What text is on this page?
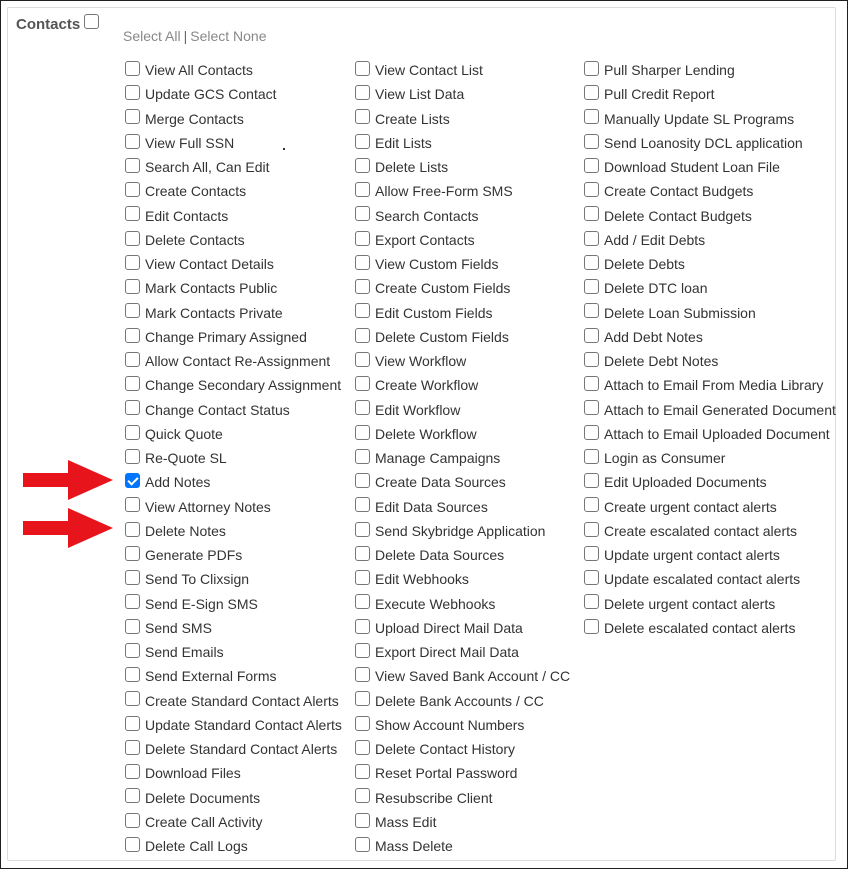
Contacts
Select All | Select None
View All Contacts
Update GCS Contact
Merge Contacts
View Full SSN
Search All, Can Edit
Create Contacts
Edit Contacts
Delete Contacts
View Contact Details
Mark Contacts Public
Mark Contacts Private
Change Primary Assigned
Allow Contact Re-Assignment
Change Secondary Assignment
Change Contact Status
Quick Quote
Re-Quote SL
Add Notes
View Attorney Notes
Delete Notes
Generate PDFs
Send To Clixsign
Send E-Sign SMS
Send SMS
Send Emails
Send External Forms
Create Standard Contact Alerts
Update Standard Contact Alerts
Delete Standard Contact Alerts
Download Files
Delete Documents
Create Call Activity
Delete Call Logs
View Contact List
View List Data
Create Lists
Edit Lists
Delete Lists
Allow Free-Form SMS
Search Contacts
Export Contacts
View Custom Fields
Create Custom Fields
Edit Custom Fields
Delete Custom Fields
View Workflow
Create Workflow
Edit Workflow
Delete Workflow
Manage Campaigns
Create Data Sources
Edit Data Sources
Send Skybridge Application
Delete Data Sources
Edit Webhooks
Execute Webhooks
Upload Direct Mail Data
Export Direct Mail Data
View Saved Bank Account / CC
Delete Bank Accounts / CC
Show Account Numbers
Delete Contact History
Reset Portal Password
Resubscribe Client
Mass Edit
Mass Delete
Pull Sharper Lending
Pull Credit Report
Manually Update SL Programs
Send Loanosity DCL application
Download Student Loan File
Create Contact Budgets
Delete Contact Budgets
Add / Edit Debts
Delete Debts
Delete DTC loan
Delete Loan Submission
Add Debt Notes
Delete Debt Notes
Attach to Email From Media Library
Attach to Email Generated Document
Attach to Email Uploaded Document
Login as Consumer
Edit Uploaded Documents
Create urgent contact alerts
Create escalated contact alerts
Update urgent contact alerts
Update escalated contact alerts
Delete urgent contact alerts
Delete escalated contact alerts
